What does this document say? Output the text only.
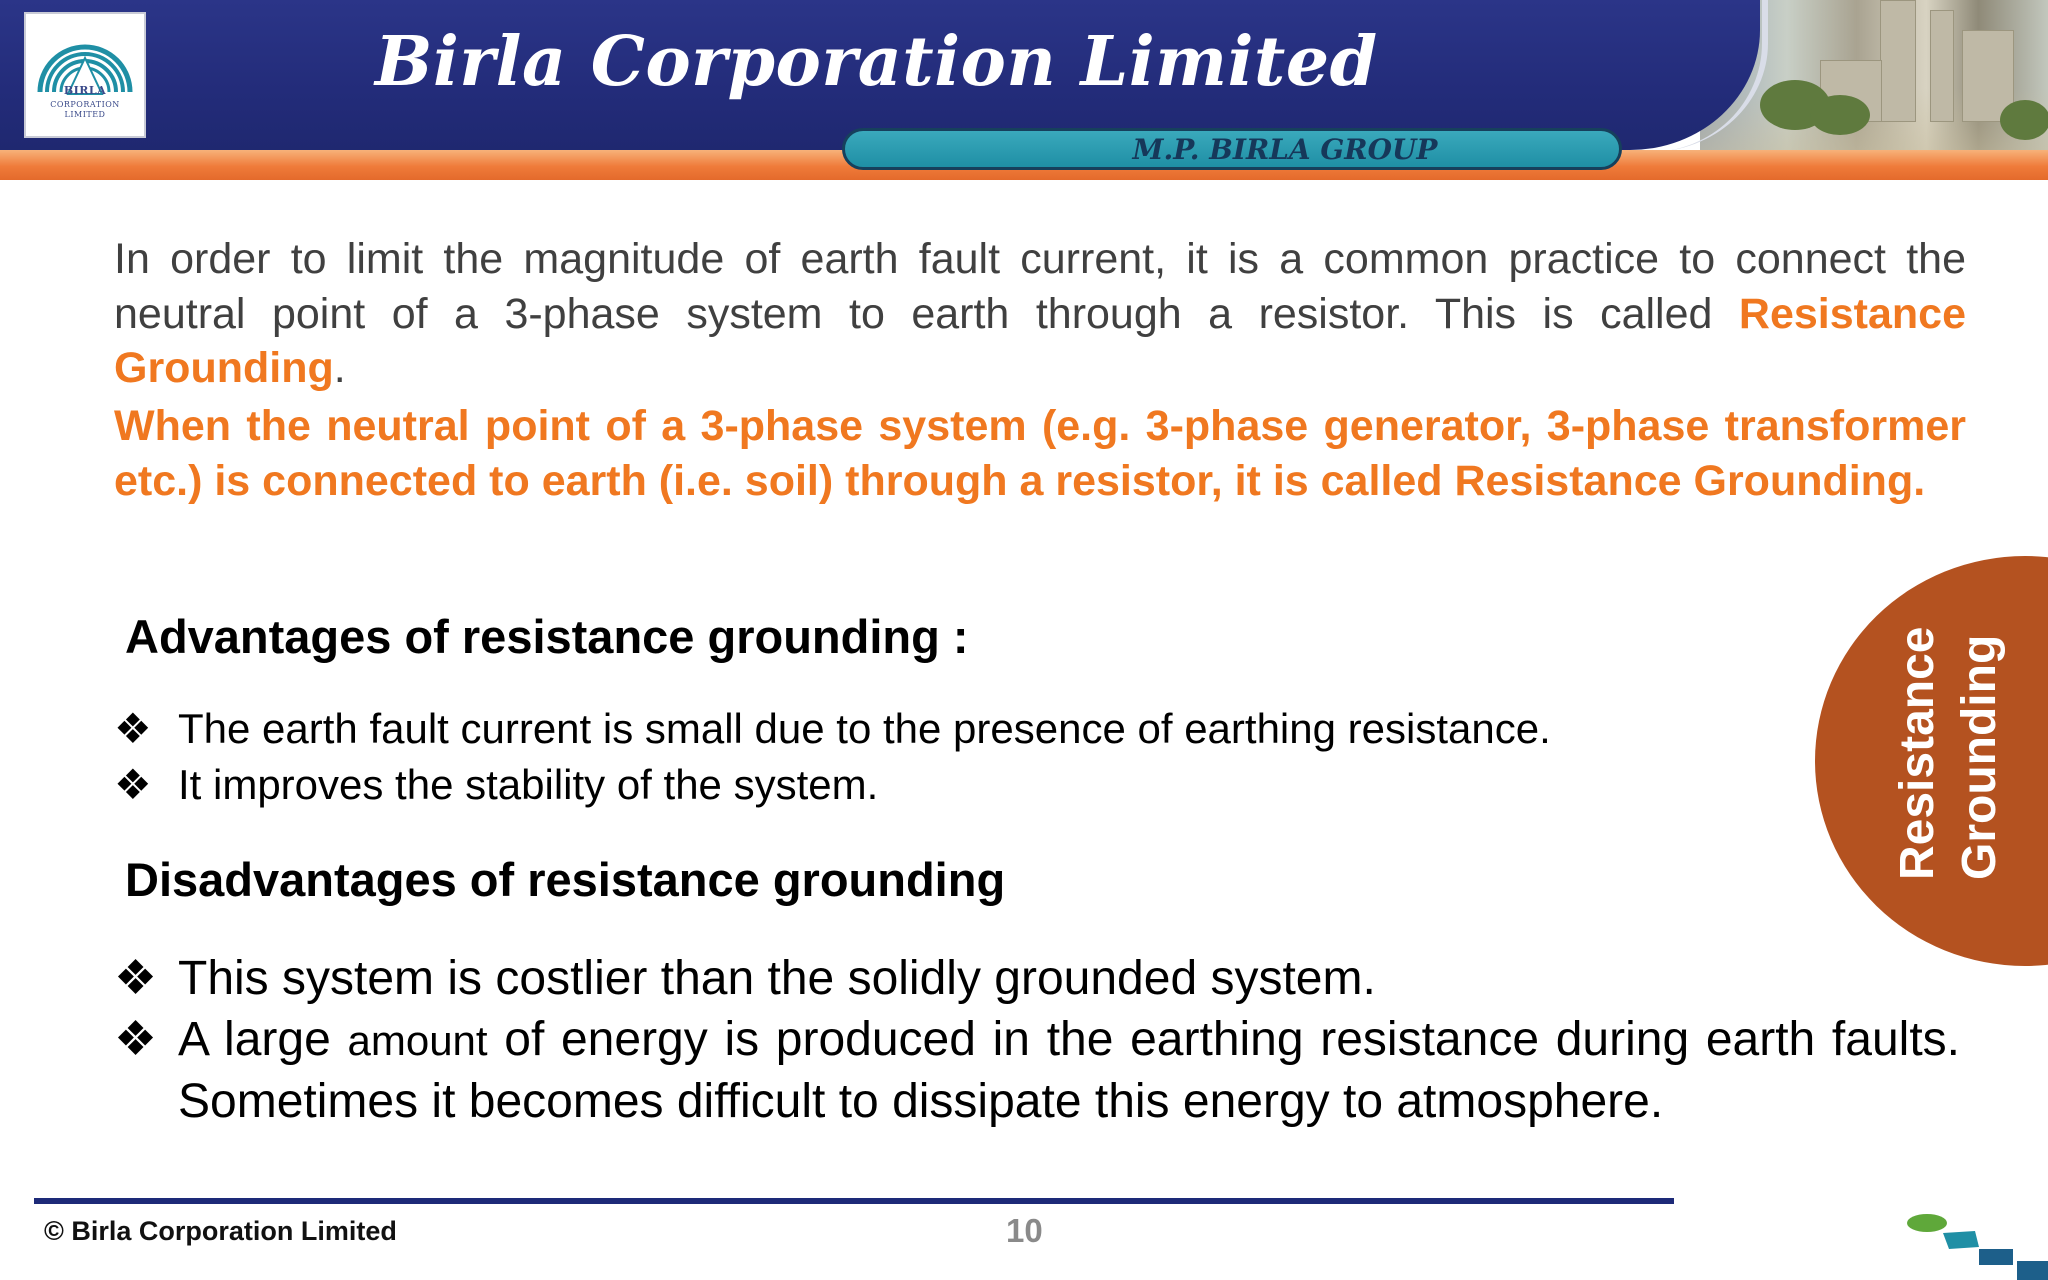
BIRLA
CORPORATION
LIMITED
Birla Corporation Limited
M.P. BIRLA GROUP
In order to limit the magnitude of earth fault current, it is a common practice to connect the neutral point of a 3-phase system to earth through a resistor. This is called Resistance Grounding.
When the neutral point of a 3-phase system (e.g. 3-phase generator, 3-phase transformer etc.) is connected to earth (i.e. soil) through a resistor, it is called Resistance Grounding.
Advantages of resistance grounding :
❖ The earth fault current is small due to the presence of earthing resistance.
❖ It improves the stability of the system.
Disadvantages of resistance grounding
❖ This system is costlier than the solidly grounded system.
❖ A large amount of energy is produced in the earthing resistance during earth faults. Sometimes it becomes difficult to dissipate this energy to atmosphere.
Resistance Grounding
© Birla Corporation Limited	10
